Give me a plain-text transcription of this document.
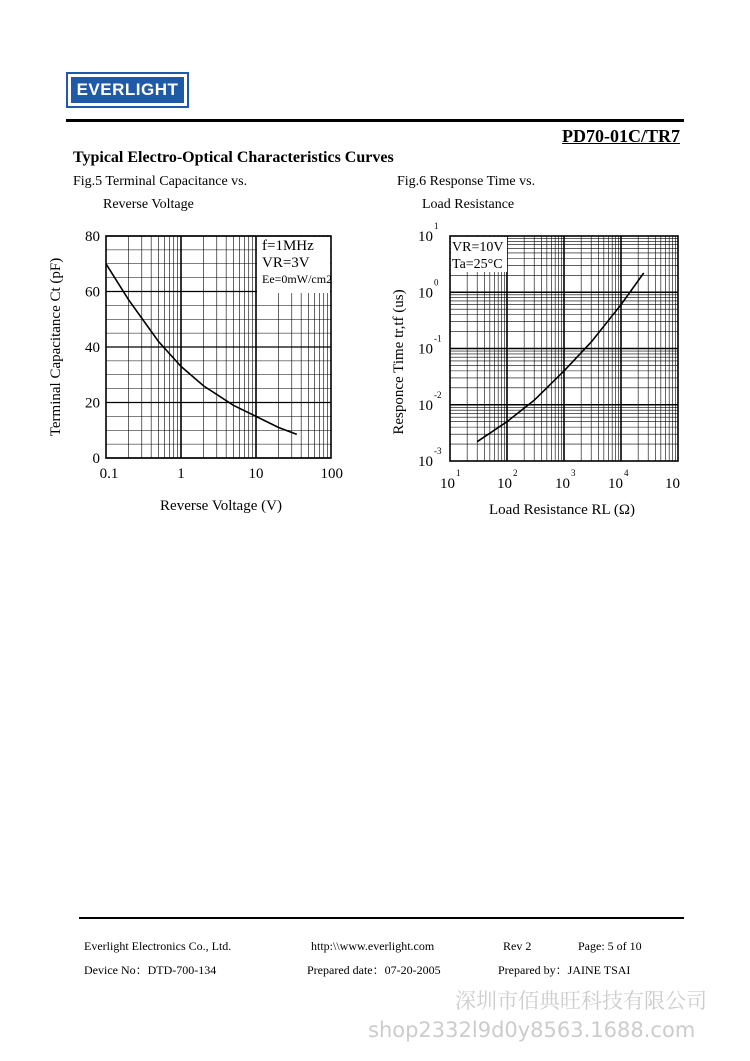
EVERLIGHT
PD70-01C/TR7
Typical Electro-Optical Characteristics Curves
Fig.5 Terminal Capacitance vs.
Reverse Voltage
Fig.6 Response Time vs.
Load Resistance
f=1MHz
VR=3V
Ee=0mW/cm2
0
20
40
60
80
0.1	1	10	100
Reverse Voltage (V)
Terminal Capacitance Ct (pF)
VR=10V
Ta=25°C
$10^1$
$10^0$
$10^{-1}$
$10^{-2}$
$10^{-3}$
$10^1$
$10^2$
$10^3$
$10^4$
10
Load Resistance RL (Ω)
Responce Time tr,tf (us)
Everlight Electronics Co., Ltd.	http:\\www.everlight.com	Rev 2	Page: 5 of 10
Device No：DTD-700-134	Prepared date：07-20-2005	Prepared by：JAINE TSAI
深圳市佰典旺科技有限公司
shop2332l9d0y8563.1688.com
